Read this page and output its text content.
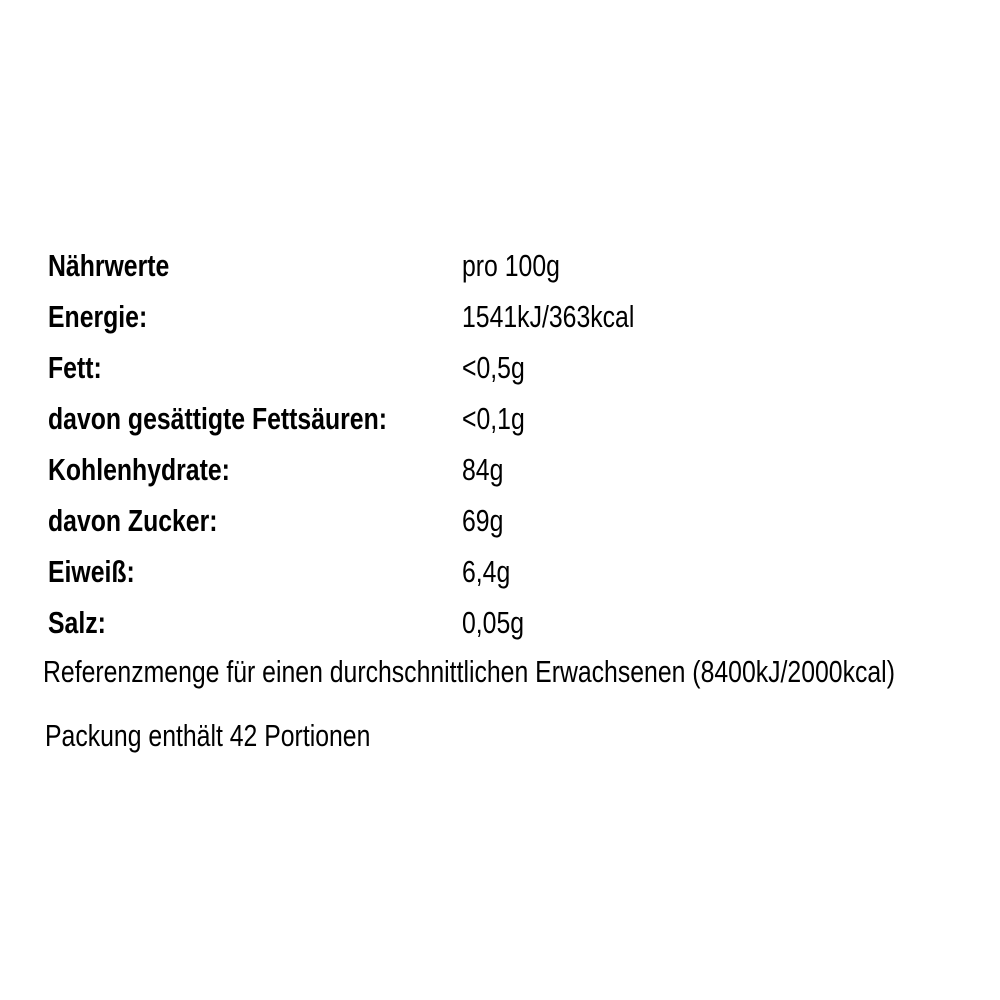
Nährwerte	pro 100g
Energie:	1541kJ/363kcal
Fett:	<0,5g
davon gesättigte Fettsäuren:	<0,1g
Kohlenhydrate:	84g
davon Zucker:	69g
Eiweiß:	6,4g
Salz:	0,05g
Referenzmenge für einen durchschnittlichen Erwachsenen (8400kJ/2000kcal)
Packung enthält 42 Portionen
